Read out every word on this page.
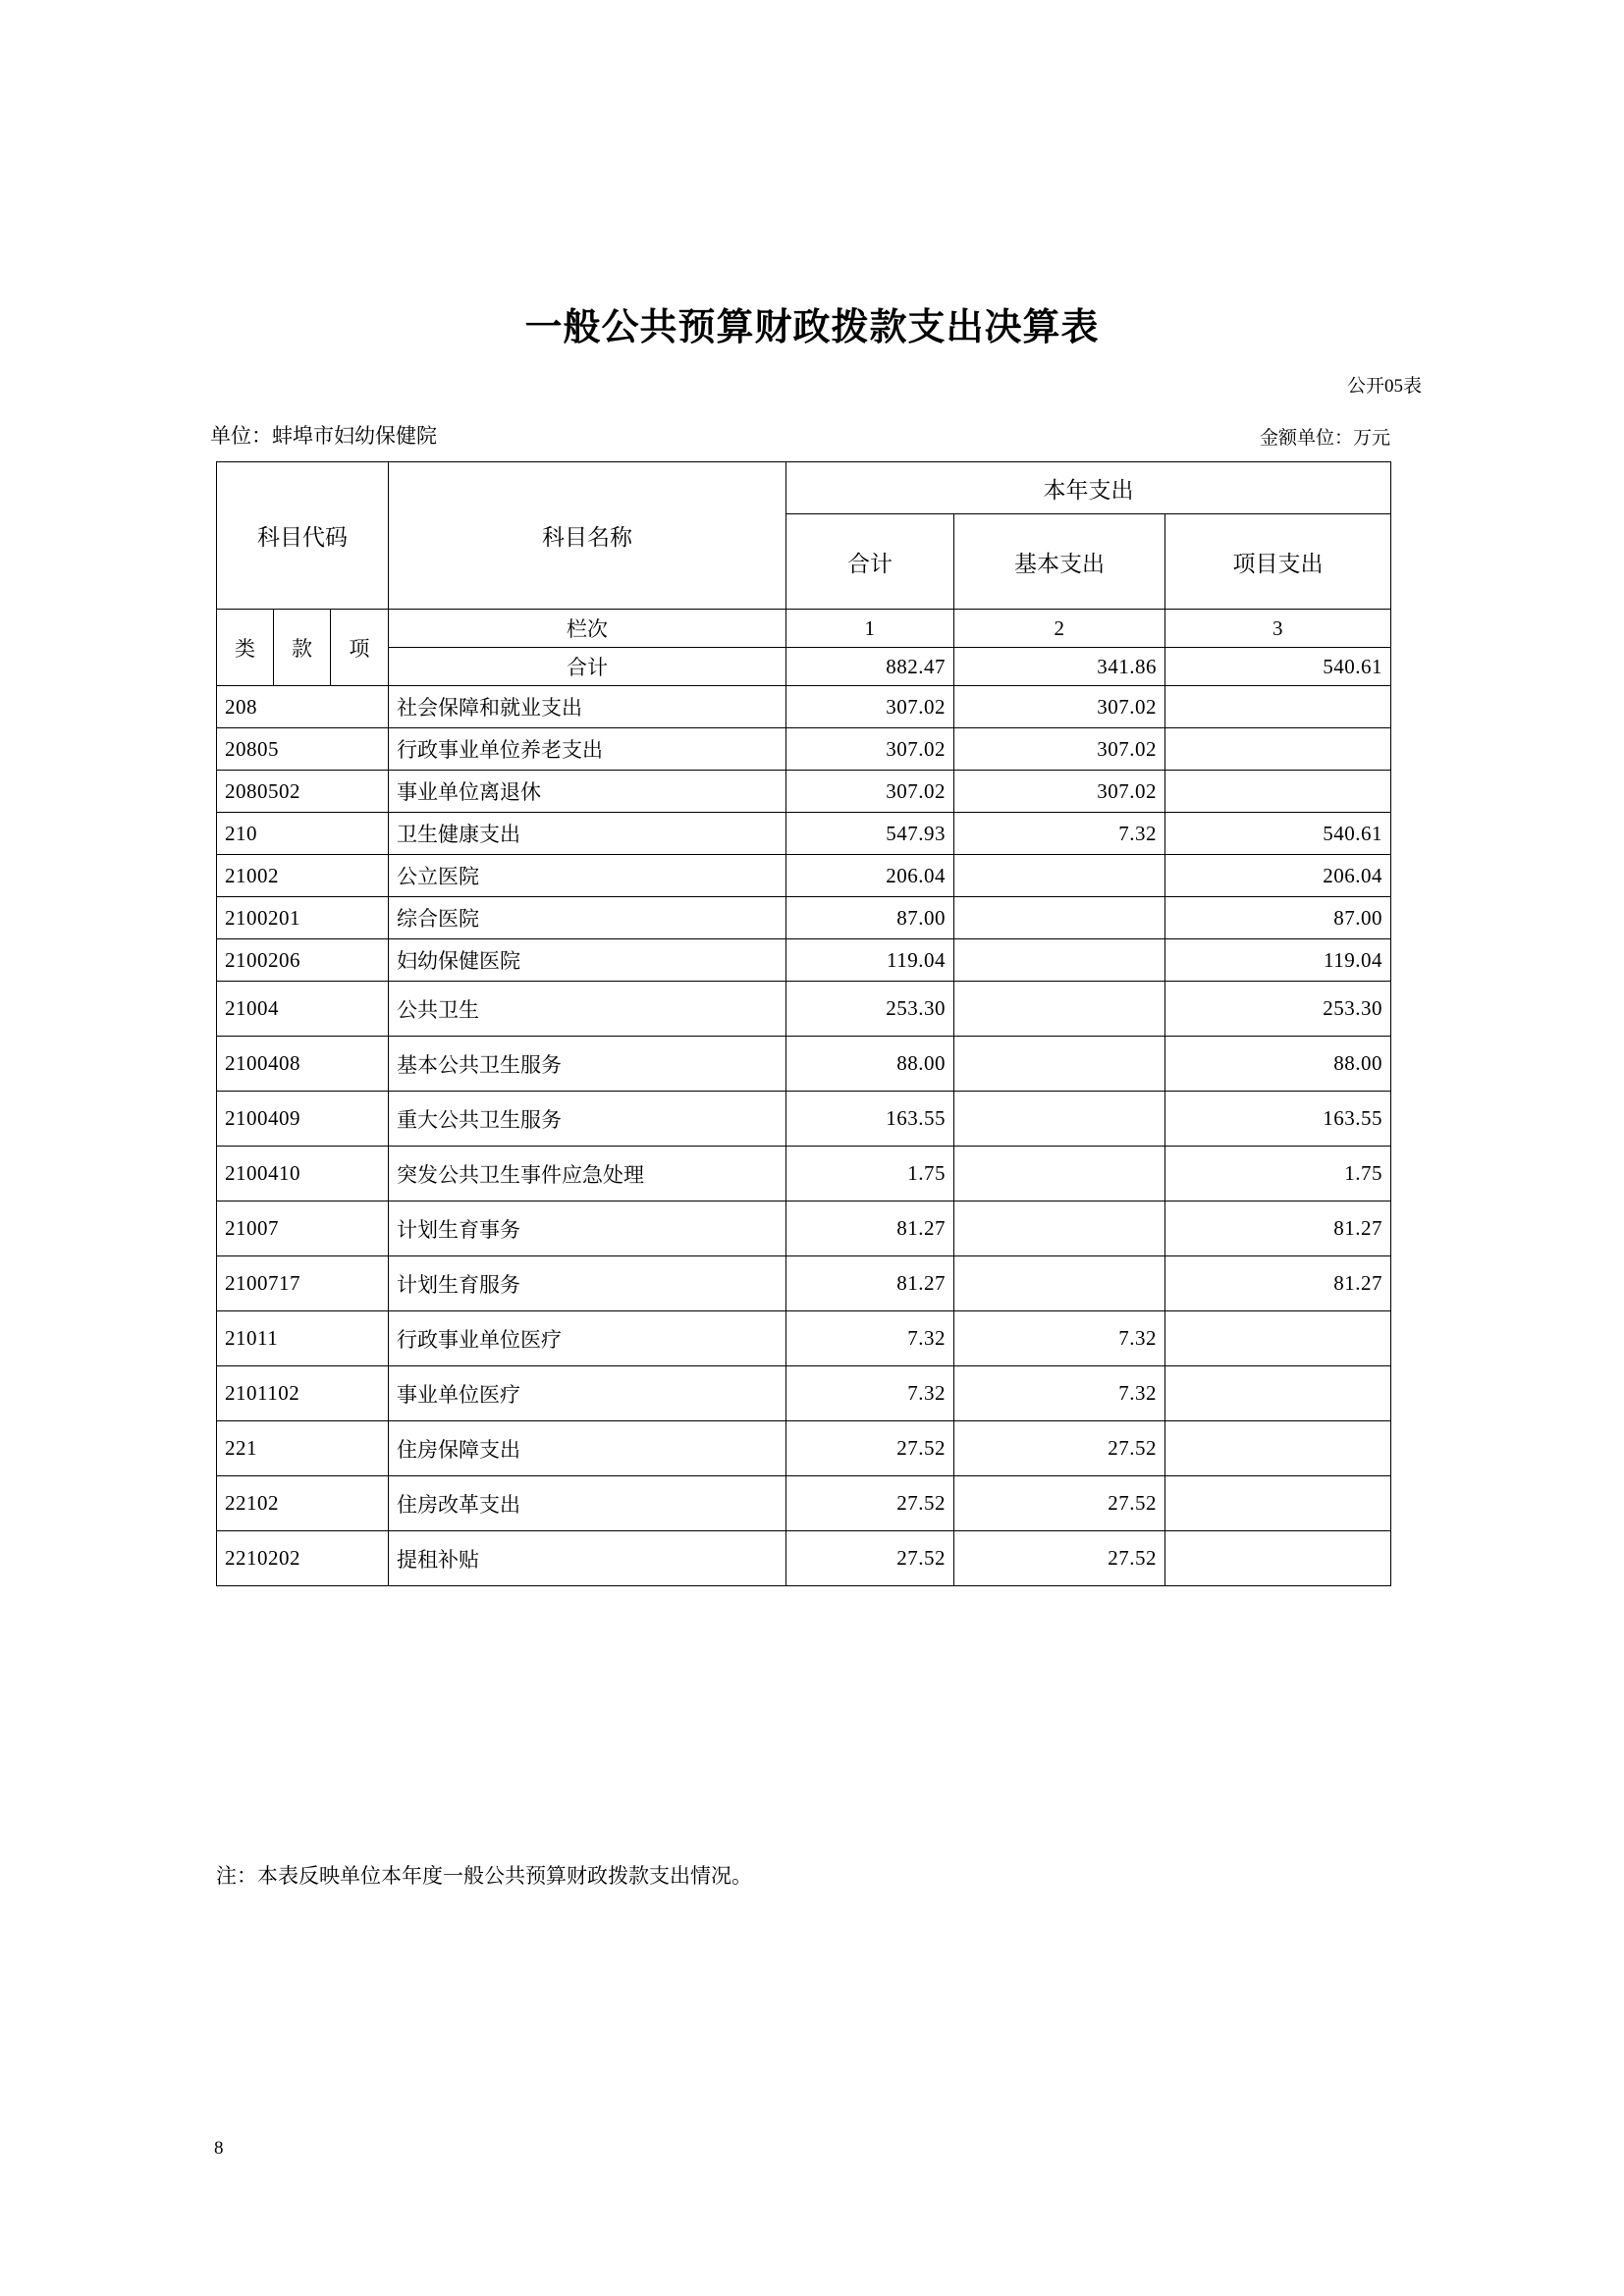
一般公共预算财政拨款支出决算表
公开05表
单位：蚌埠市妇幼保健院	金额单位：万元
科目代码			科目名称	本年支出		
				合计	基本支出	项目支出
类	款	项	栏次	1	2	3
			合计	882.47	341.86	540.61
208			社会保障和就业支出	307.02	307.02	
20805			行政事业单位养老支出	307.02	307.02	
2080502			事业单位离退休	307.02	307.02	
210			卫生健康支出	547.93	7.32	540.61
21002			公立医院	206.04		206.04
2100201			综合医院	87.00		87.00
2100206			妇幼保健医院	119.04		119.04
21004			公共卫生	253.30		253.30
2100408			基本公共卫生服务	88.00		88.00
2100409			重大公共卫生服务	163.55		163.55
2100410			突发公共卫生事件应急处理	1.75		1.75
21007			计划生育事务	81.27		81.27
2100717			计划生育服务	81.27		81.27
21011			行政事业单位医疗	7.32	7.32	
2101102			事业单位医疗	7.32	7.32	
221			住房保障支出	27.52	27.52	
22102			住房改革支出	27.52	27.52	
2210202			提租补贴	27.52	27.52	
注：本表反映单位本年度一般公共预算财政拨款支出情况。
8
